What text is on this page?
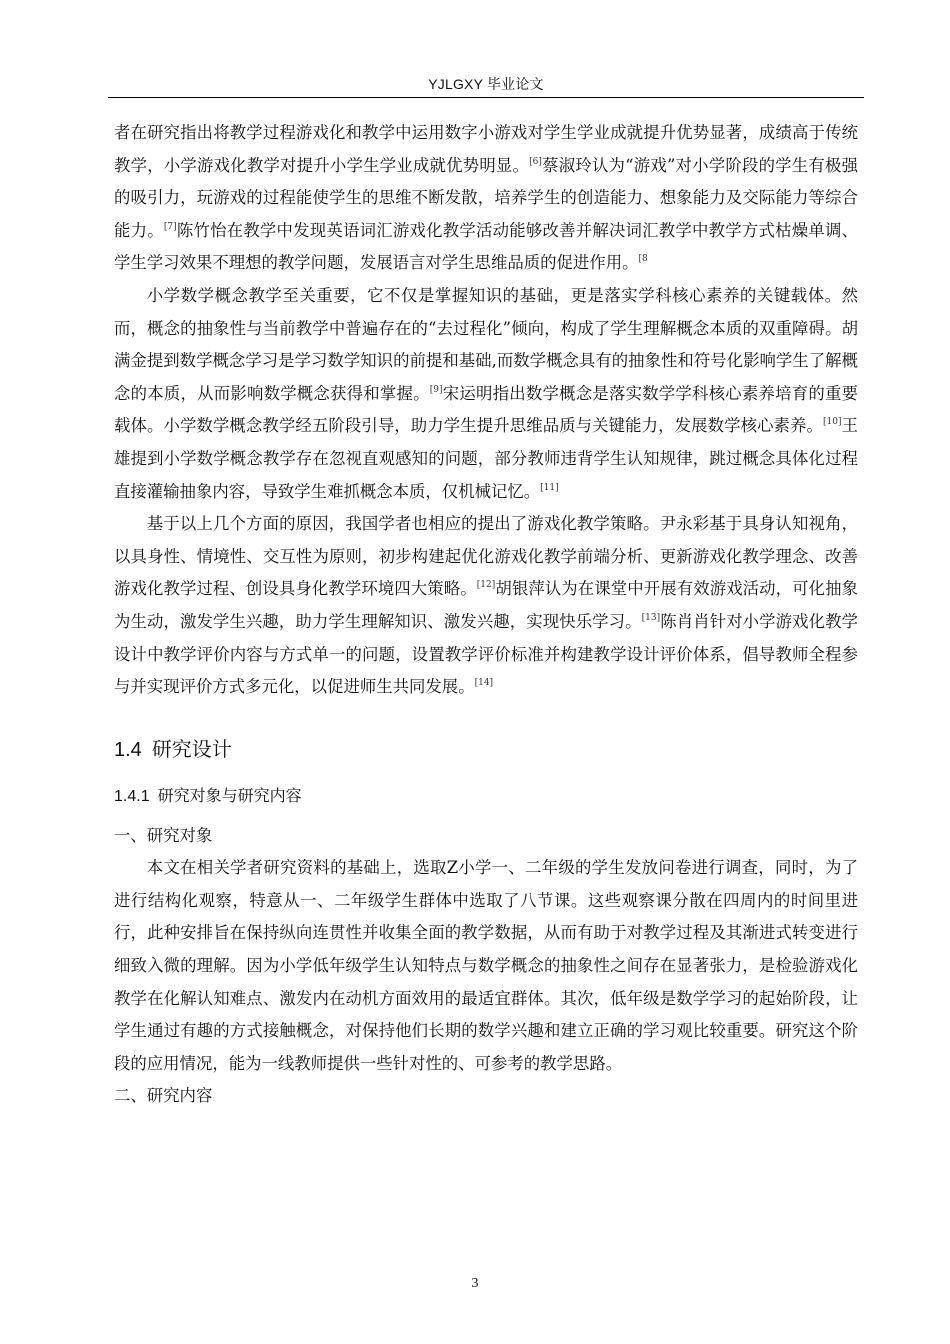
YJLGXY 毕业论文

者在研究指出将教学过程游戏化和教学中运用数字小游戏对学生学业成就提升优势显著，成绩高于传统教学，小学游戏化教学对提升小学生学业成就优势明显。[6]蔡淑玲认为“游戏”对小学阶段的学生有极强的吸引力，玩游戏的过程能使学生的思维不断发散，培养学生的创造能力、想象能力及交际能力等综合能力。[7]陈竹怡在教学中发现英语词汇游戏化教学活动能够改善并解决词汇教学中教学方式枯燥单调、学生学习效果不理想的教学问题，发展语言对学生思维品质的促进作用。$^{[8}$

小学数学概念教学至关重要，它不仅是掌握知识的基础，更是落实学科核心素养的关键载体。然而，概念的抽象性与当前教学中普遍存在的“去过程化”倾向，构成了学生理解概念本质的双重障碍。胡满金提到数学概念学习是学习数学知识的前提和基础,而数学概念具有的抽象性和符号化影响学生了解概念的本质，从而影响数学概念获得和掌握。[9]宋运明指出数学概念是落实数学学科核心素养培育的重要载体。小学数学概念教学经五阶段引导，助力学生提升思维品质与关键能力，发展数学核心素养。[10]王雄提到小学数学概念教学存在忽视直观感知的问题，部分教师违背学生认知规律，跳过概念具体化过程直接灌输抽象内容，导致学生难抓概念本质，仅机械记忆。[11]

基于以上几个方面的原因，我国学者也相应的提出了游戏化教学策略。尹永彩基于具身认知视角，以具身性、情境性、交互性为原则，初步构建起优化游戏化教学前端分析、更新游戏化教学理念、改善游戏化教学过程、创设具身化教学环境四大策略。[12]胡银萍认为在课堂中开展有效游戏活动，可化抽象为生动，激发学生兴趣，助力学生理解知识、激发兴趣，实现快乐学习。[13]陈肖肖针对小学游戏化教学设计中教学评价内容与方式单一的问题，设置教学评价标准并构建教学设计评价体系，倡导教师全程参与并实现评价方式多元化，以促进师生共同发展。[14]

1.4 研究设计
1.4.1 研究对象与研究内容

一、研究对象

本文在相关学者研究资料的基础上，选取Z小学一、二年级的学生发放问卷进行调查，同时，为了进行结构化观察，特意从一、二年级学生群体中选取了八节课。这些观察课分散在四周内的时间里进行，此种安排旨在保持纵向连贯性并收集全面的教学数据，从而有助于对教学过程及其渐进式转变进行细致入微的理解。因为小学低年级学生认知特点与数学概念的抽象性之间存在显著张力，是检验游戏化教学在化解认知难点、激发内在动机方面效用的最适宜群体。其次，低年级是数学学习的起始阶段，让学生通过有趣的方式接触概念，对保持他们长期的数学兴趣和建立正确的学习观比较重要。研究这个阶段的应用情况，能为一线教师提供一些针对性的、可参考的教学思路。

二、研究内容

3
